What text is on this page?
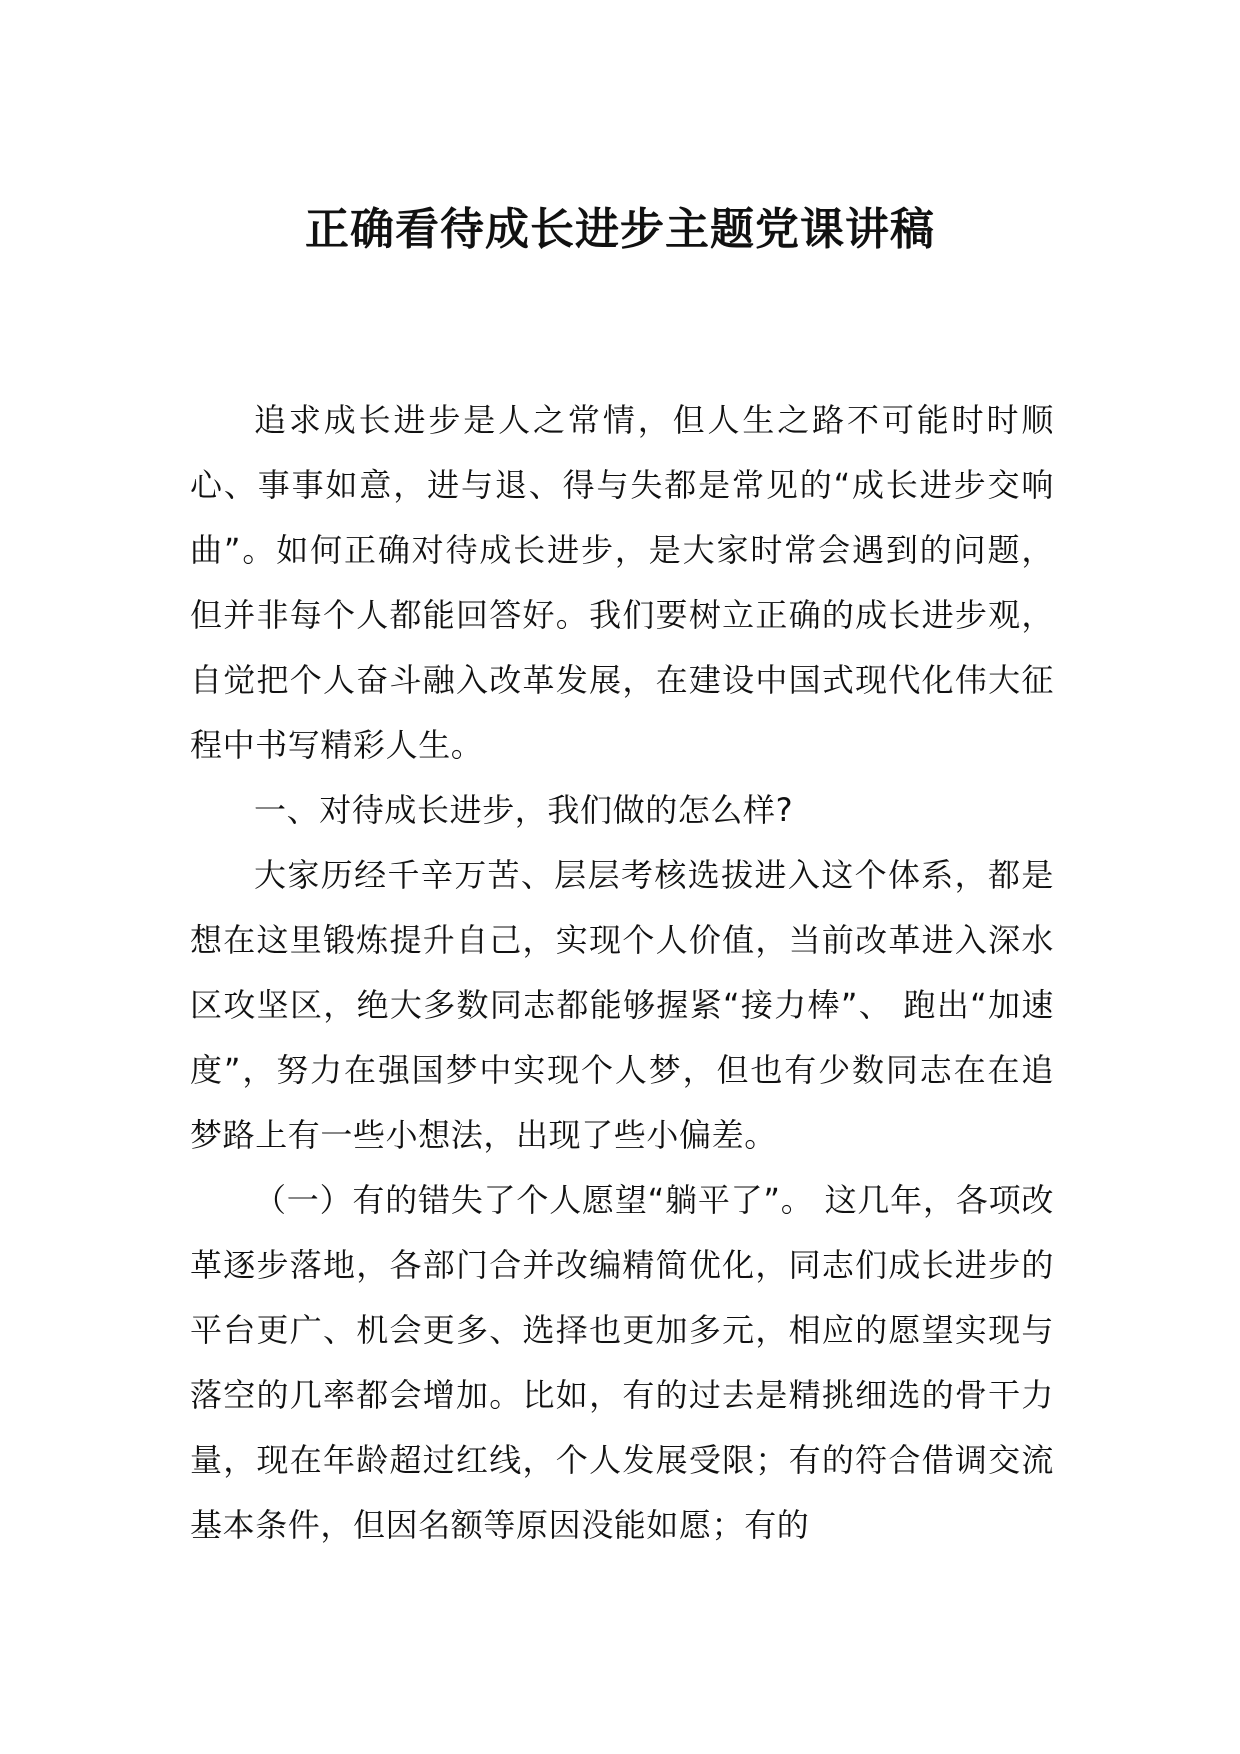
正确看待成长进步主题党课讲稿

追求成长进步是人之常情，但人生之路不可能时时顺心、事事如意，进与退、得与失都是常见的“成长进步交响曲”。如何正确对待成长进步，是大家时常会遇到的问题，但并非每个人都能回答好。我们要树立正确的成长进步观，自觉把个人奋斗融入改革发展，在建设中国式现代化伟大征程中书写精彩人生。

一、对待成长进步，我们做的怎么样?

大家历经千辛万苦、层层考核选拔进入这个体系，都是想在这里锻炼提升自己，实现个人价值，当前改革进入深水区攻坚区，绝大多数同志都能够握紧“接力棒”、 跑出“加速度”，努力在强国梦中实现个人梦，但也有少数同志在在追梦路上有一些小想法，出现了些小偏差。

（一）有的错失了个人愿望“躺平了”。 这几年，各项改革逐步落地，各部门合并改编精简优化，同志们成长进步的平台更广、机会更多、选择也更加多元，相应的愿望实现与落空的几率都会增加。比如，有的过去是精挑细选的骨干力量，现在年龄超过红线，个人发展受限；有的符合借调交流基本条件，但因名额等原因没能如愿；有的
